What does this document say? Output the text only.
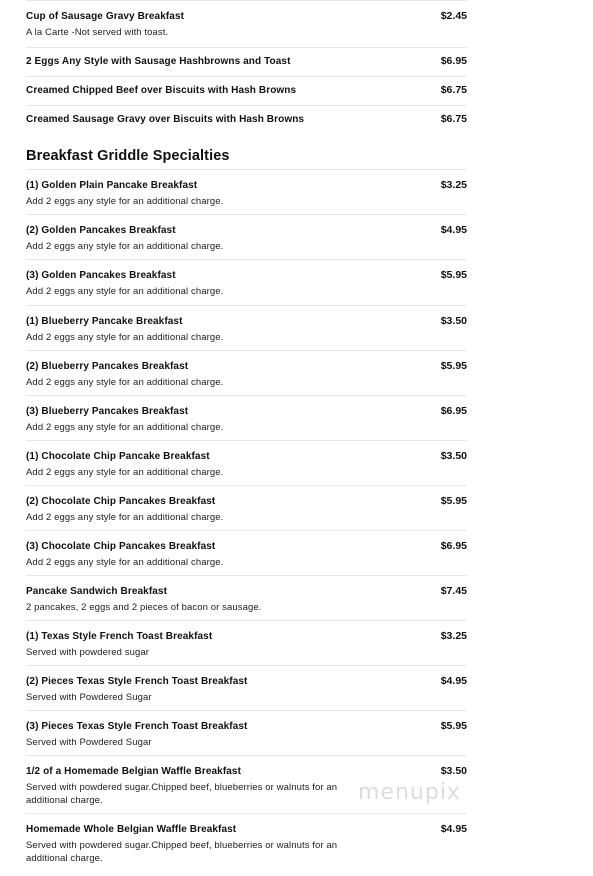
Cup of Sausage Gravy Breakfast	$2.45
A la Carte -Not served with toast.
2 Eggs Any Style with Sausage Hashbrowns and Toast	$6.95
Creamed Chipped Beef over Biscuits with Hash Browns	$6.75
Creamed Sausage Gravy over Biscuits with Hash Browns	$6.75
Breakfast Griddle Specialties
(1) Golden Plain Pancake Breakfast	$3.25
Add 2 eggs any style for an additional charge.
(2) Golden Pancakes Breakfast	$4.95
Add 2 eggs any style for an additional charge.
(3) Golden Pancakes Breakfast	$5.95
Add 2 eggs any style for an additional charge.
(1) Blueberry Pancake Breakfast	$3.50
Add 2 eggs any style for an additional charge.
(2) Blueberry Pancakes Breakfast	$5.95
Add 2 eggs any style for an additional charge.
(3) Blueberry Pancakes Breakfast	$6.95
Add 2 eggs any style for an additional charge.
(1) Chocolate Chip Pancake Breakfast	$3.50
Add 2 eggs any style for an additional charge.
(2) Chocolate Chip Pancakes Breakfast	$5.95
Add 2 eggs any style for an additional charge.
(3) Chocolate Chip Pancakes Breakfast	$6.95
Add 2 eggs any style for an additional charge.
Pancake Sandwich Breakfast	$7.45
2 pancakes, 2 eggs and 2 pieces of bacon or sausage.
(1) Texas Style French Toast Breakfast	$3.25
Served with powdered sugar
(2) Pieces Texas Style French Toast Breakfast	$4.95
Served with Powdered Sugar
(3) Pieces Texas Style French Toast Breakfast	$5.95
Served with Powdered Sugar
1/2 of a Homemade Belgian Waffle Breakfast	$3.50
Served with powdered sugar.Chipped beef, blueberries or walnuts for an additional charge.
Homemade Whole Belgian Waffle Breakfast	$4.95
Served with powdered sugar.Chipped beef, blueberries or walnuts for an additional charge.
menupix
